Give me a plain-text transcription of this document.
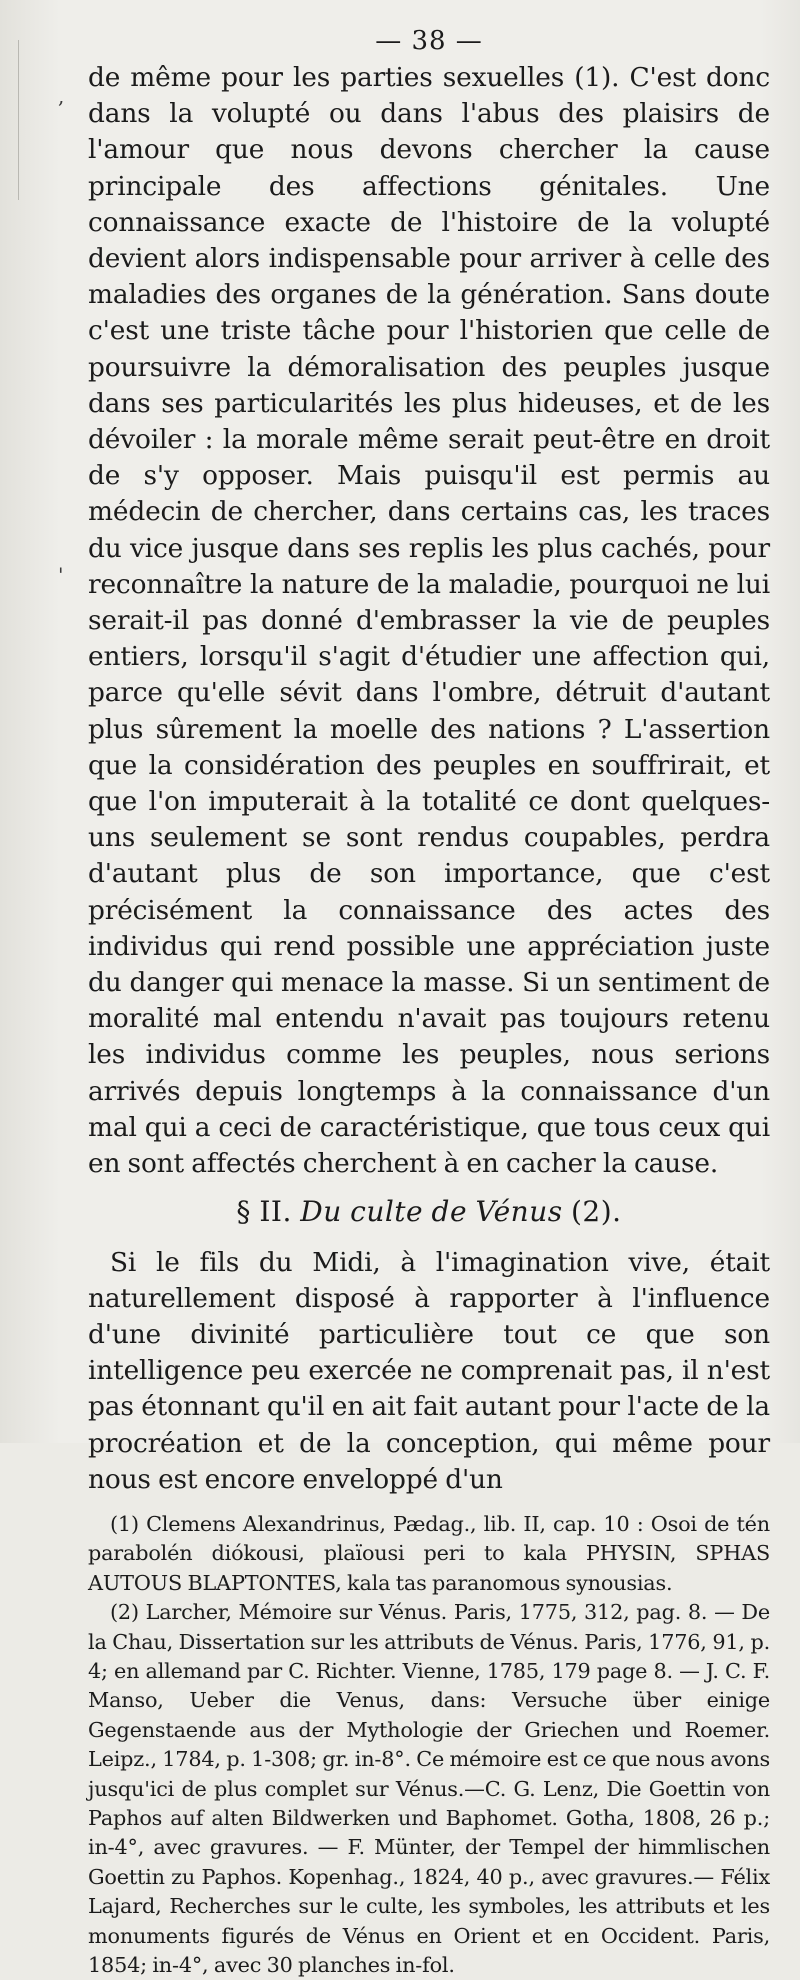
,
'
— 38 —

de même pour les parties sexuelles (1). C'est donc dans la volupté ou dans l'abus des plaisirs de l'amour que nous devons chercher la cause principale des affections génitales. Une connaissance exacte de l'histoire de la volupté devient alors indispensable pour arriver à celle des maladies des organes de la génération. Sans doute c'est une triste tâche pour l'historien que celle de poursuivre la démoralisation des peuples jusque dans ses particularités les plus hideuses, et de les dévoiler : la morale même serait peut-être en droit de s'y opposer. Mais puisqu'il est permis au médecin de chercher, dans certains cas, les traces du vice jusque dans ses replis les plus cachés, pour reconnaître la nature de la maladie, pourquoi ne lui serait-il pas donné d'embrasser la vie de peuples entiers, lorsqu'il s'agit d'étudier une affection qui, parce qu'elle sévit dans l'ombre, détruit d'autant plus sûrement la moelle des nations ? L'assertion que la considération des peuples en souffrirait, et que l'on imputerait à la totalité ce dont quelques-uns seulement se sont rendus coupables, perdra d'autant plus de son importance, que c'est précisément la connaissance des actes des individus qui rend possible une appréciation juste du danger qui menace la masse. Si un sentiment de moralité mal entendu n'avait pas toujours retenu les individus comme les peuples, nous serions arrivés depuis longtemps à la connaissance d'un mal qui a ceci de caractéristique, que tous ceux qui en sont affectés cherchent à en cacher la cause.

§ II. Du culte de Vénus (2).

Si le fils du Midi, à l'imagination vive, était naturellement disposé à rapporter à l'influence d'une divinité particulière tout ce que son intelligence peu exercée ne comprenait pas, il n'est pas étonnant qu'il en ait fait autant pour l'acte de la procréation et de la conception, qui même pour nous est encore enveloppé d'un

(1) Clemens Alexandrinus, Pædag., lib. II, cap. 10 : Osoi de tén parabolén diókousi, plaïousi peri to kala PHYSIN, SPHAS AUTOUS BLAPTONTES, kala tas paranomous synousias.

(2) Larcher, Mémoire sur Vénus. Paris, 1775, 312, pag. 8. — De la Chau, Dissertation sur les attributs de Vénus. Paris, 1776, 91, p. 4; en allemand par C. Richter. Vienne, 1785, 179 page 8. — J. C. F. Manso, Ueber die Venus, dans: Versuche über einige Gegenstaende aus der Mythologie der Griechen und Roemer. Leipz., 1784, p. 1-308; gr. in-8°. Ce mémoire est ce que nous avons jusqu'ici de plus complet sur Vénus.—C. G. Lenz, Die Goettin von Paphos auf alten Bildwerken und Baphomet. Gotha, 1808, 26 p.; in-4°, avec gravures. — F. Münter, der Tempel der himmlischen Goettin zu Paphos. Kopenhag., 1824, 40 p., avec gravures.— Félix Lajard, Recherches sur le culte, les symboles, les attributs et les monuments figurés de Vénus en Orient et en Occident. Paris, 1854; in-4°, avec 30 planches in-fol.
